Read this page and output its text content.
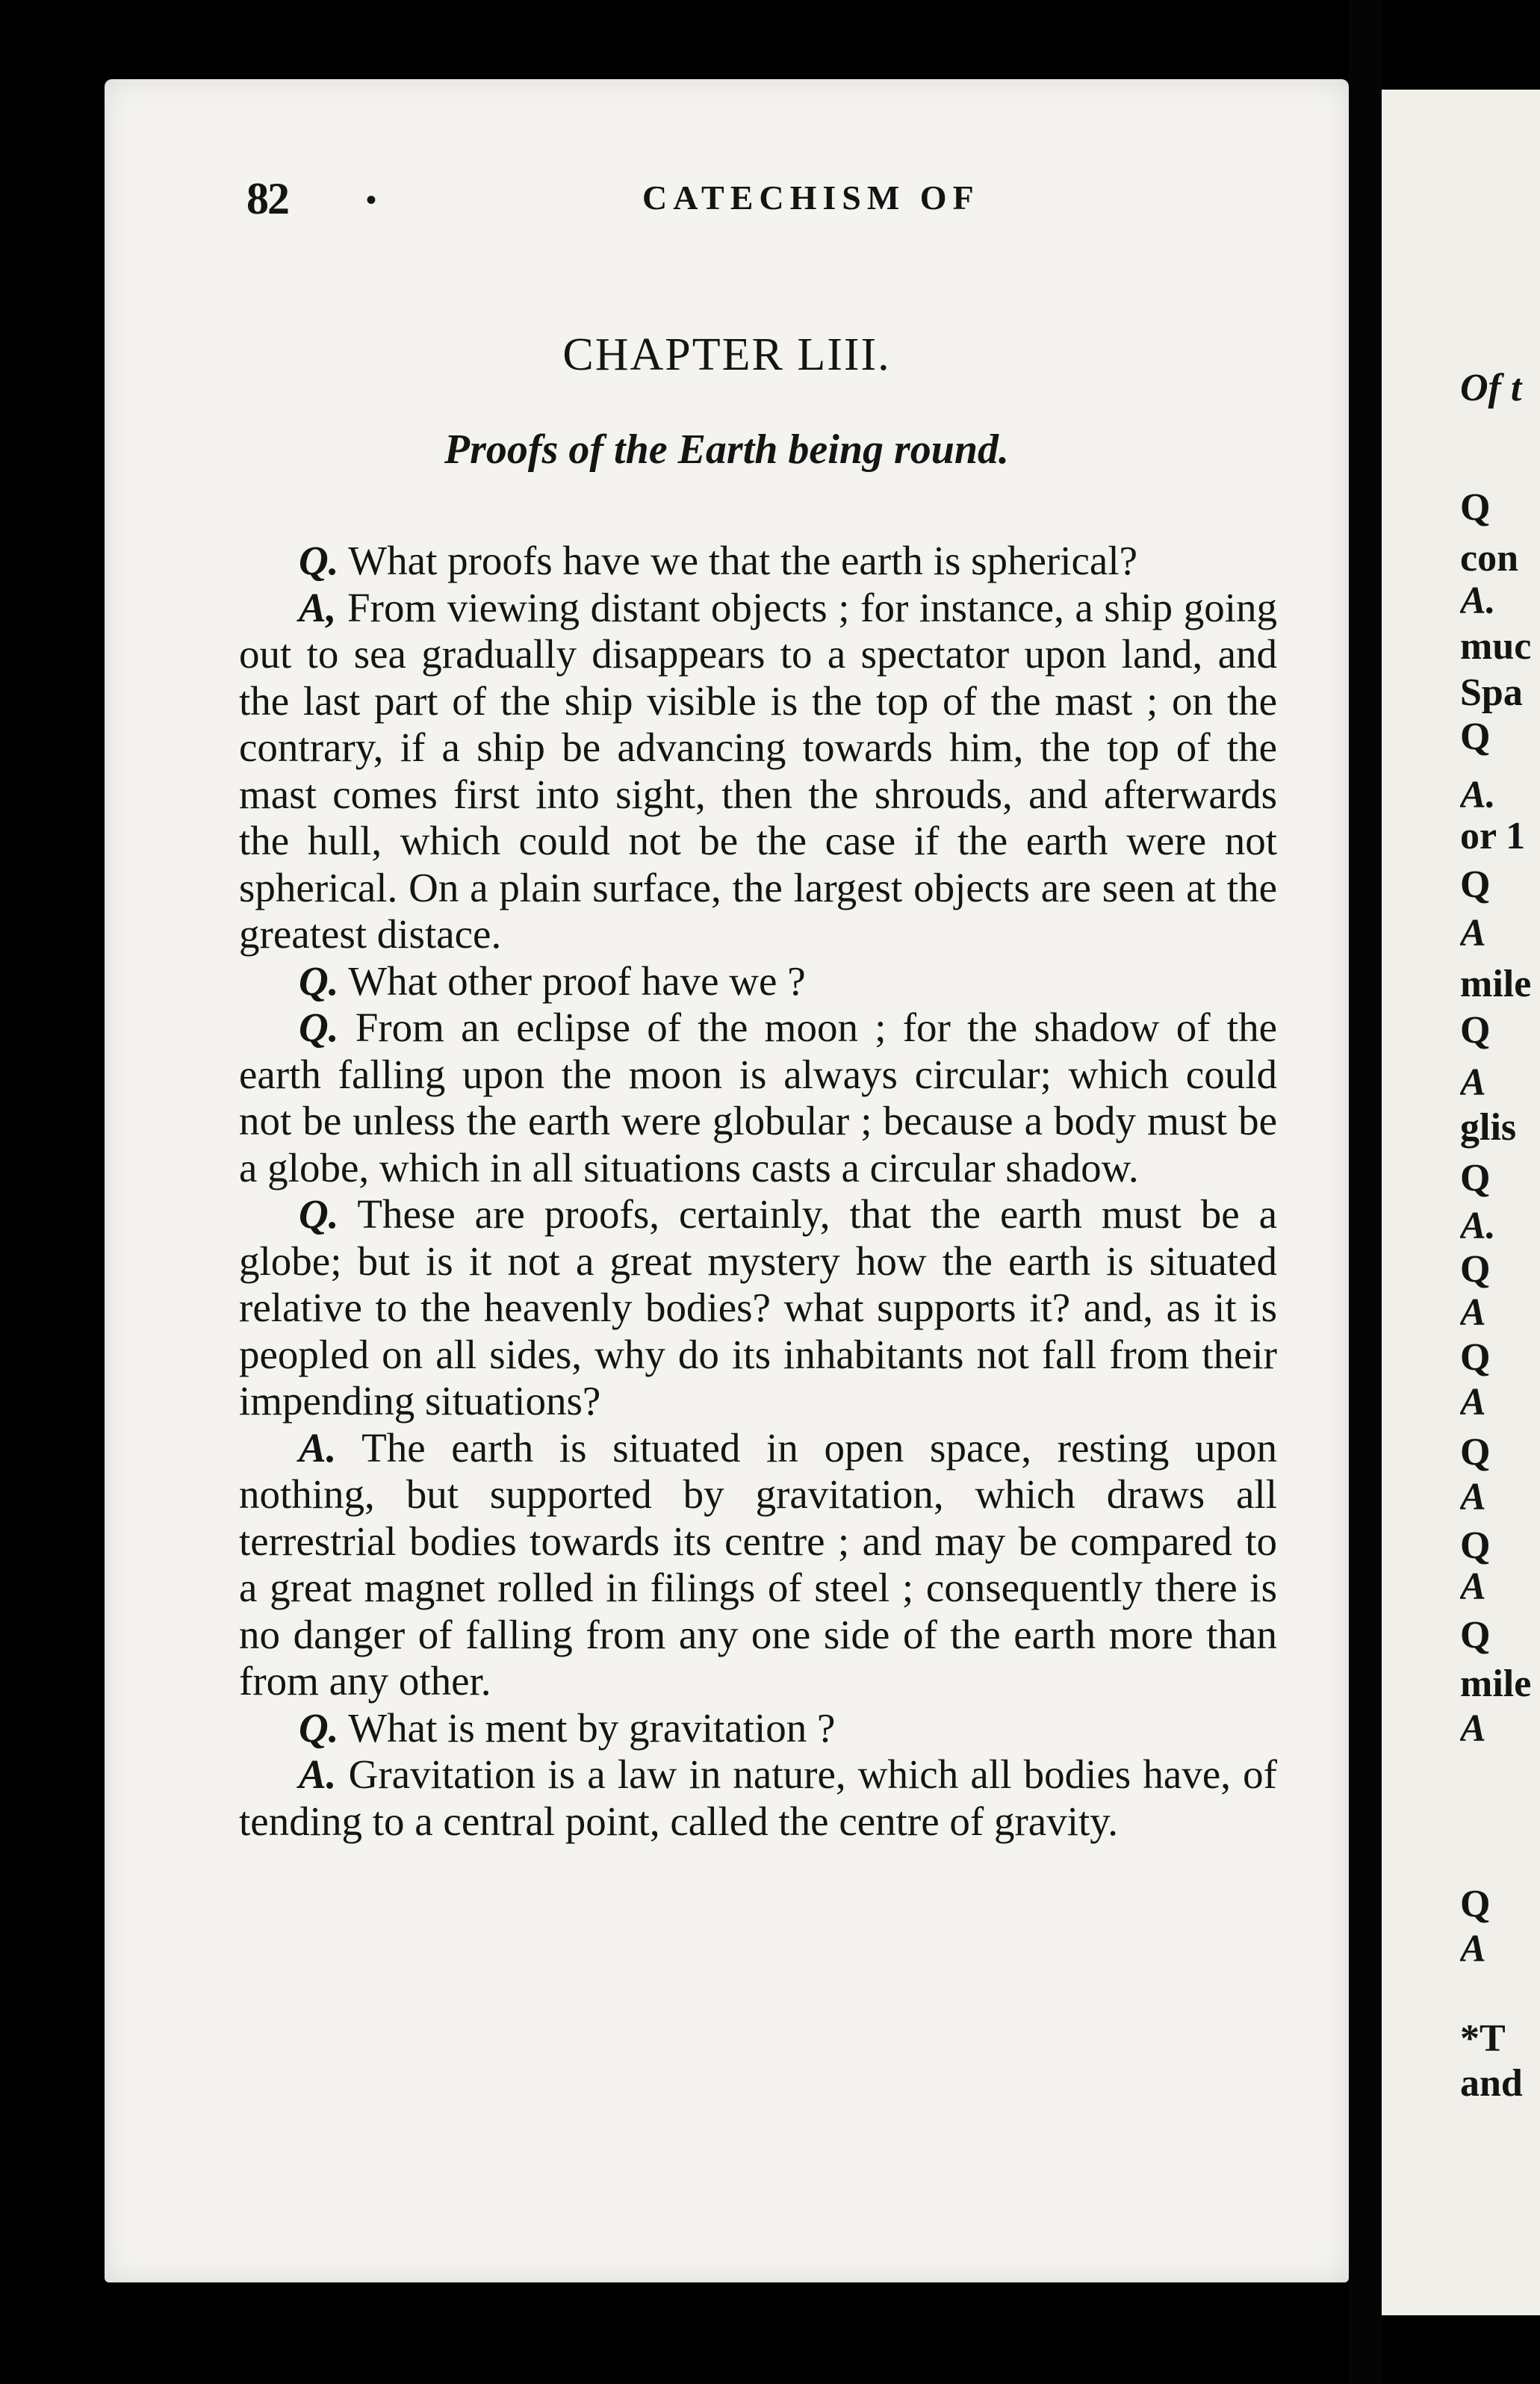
82	•	CATECHISM OF
CHAPTER LIII.
Proofs of the Earth being round.

Q. What proofs have we that the earth is spherical?

A, From viewing distant objects ; for instance, a ship going out to sea gradually disappears to a spectator upon land, and the last part of the ship visible is the top of the mast ; on the contrary, if a ship be advancing towards him, the top of the mast comes first into sight, then the shrouds, and afterwards the hull, which could not be the case if the earth were not spherical. On a plain surface, the largest objects are seen at the greatest distace.

Q. What other proof have we ?

Q. From an eclipse of the moon ; for the shadow of the earth falling upon the moon is always circular; which could not be unless the earth were globular ; because a body must be a globe, which in all situations casts a circular shadow.

Q. These are proofs, certainly, that the earth must be a globe; but is it not a great mystery how the earth is situated relative to the heavenly bodies? what supports it? and, as it is peopled on all sides, why do its inhabitants not fall from their impending situations?

A. The earth is situated in open space, resting upon nothing, but supported by gravitation, which draws all terrestrial bodies towards its centre ; and may be compared to a great magnet rolled in filings of steel ; consequently there is no danger of falling from any one side of the earth more than from any other.

Q. What is ment by gravitation ?

A. Gravitation is a law in nature, which all bodies have, of tending to a central point, called the centre of gravity.

Of t
Q
con
A.
muc
Spa
Q
A.
or 1
Q
A
mile
Q
A
glis
Q
A.
Q
A
Q
A
Q
A
Q
A
Q
mile
A
Q
A
*T
and
